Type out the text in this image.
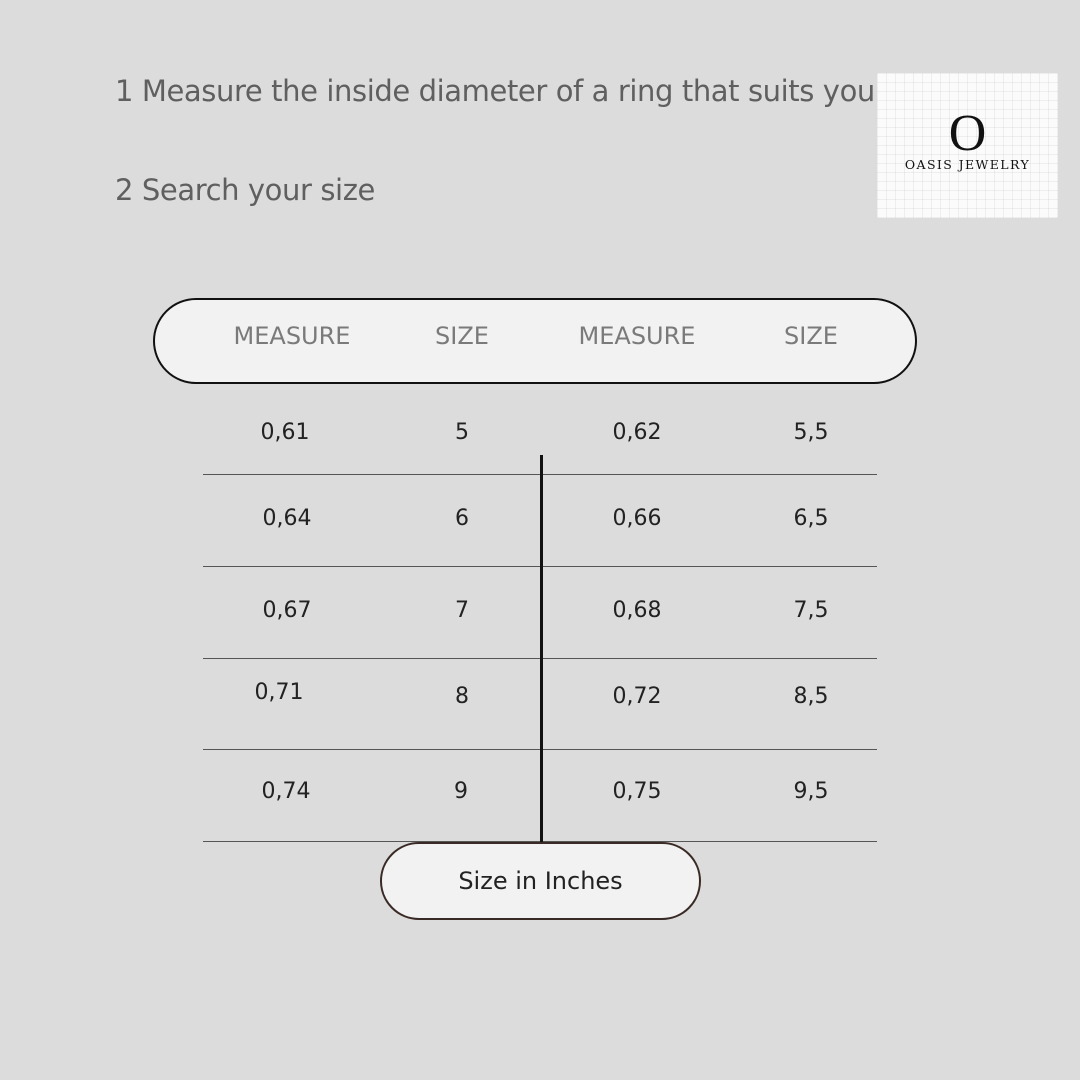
1 Measure the inside diameter of a ring that suits you
2 Search your size
O
OASIS JEWELRY
MEASURE	SIZE	MEASURE	SIZE
0,61	5	0,62	5,5
0,64	6	0,66	6,5
0,67	7	0,68	7,5
0,71	8	0,72	8,5
0,74	9	0,75	9,5
Size in Inches
